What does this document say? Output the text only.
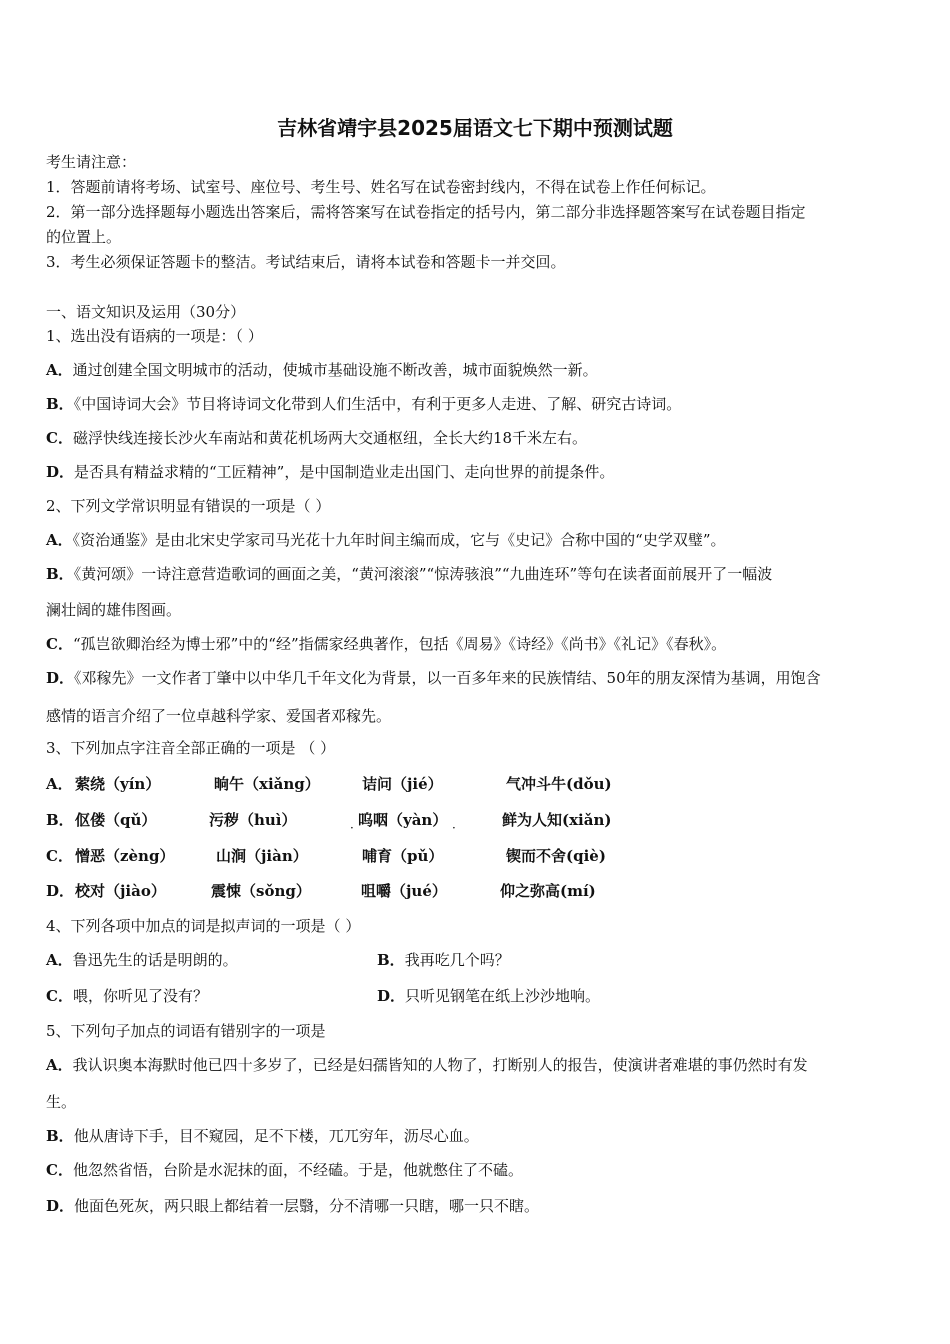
吉林省靖宇县2025届语文七下期中预测试题
考生请注意：
1．答题前请将考场、试室号、座位号、考生号、姓名写在试卷密封线内，不得在试卷上作任何标记。
2．第一部分选择题每小题选出答案后，需将答案写在试卷指定的括号内，第二部分非选择题答案写在试卷题目指定
的位置上。
3．考生必须保证答题卡的整洁。考试结束后，请将本试卷和答题卡一并交回。
一、语文知识及运用（30分）
1、选出没有语病的一项是：（ ）
A．通过创建全国文明城市的活动，使城市基础设施不断改善，城市面貌焕然一新。
B．《中国诗词大会》节目将诗词文化带到人们生活中，有利于更多人走进、了解、研究古诗词。
C．磁浮快线连接长沙火车南站和黄花机场两大交通枢纽，全长大约18千米左右。
D．是否具有精益求精的“工匠精神”，是中国制造业走出国门、走向世界的前提条件。
2、下列文学常识明显有错误的一项是（ ）
A．《资治通鉴》是由北宋史学家司马光花十九年时间主编而成，它与《史记》合称中国的“史学双璧”。
B．《黄河颂》一诗注意营造歌词的画面之美，“黄河滚滚”“惊涛骇浪”“九曲连环”等句在读者面前展开了一幅波
澜壮阔的雄伟图画。
C．“孤岂欲卿治经为博士邪”中的“经”指儒家经典著作，包括《周易》《诗经》《尚书》《礼记》《春秋》。
D．《邓稼先》一文作者丁肇中以中华几千年文化为背景，以一百多年来的民族情结、50年的朋友深情为基调，用饱含
感情的语言介绍了一位卓越科学家、爱国者邓稼先。
3、下列加点字注音全部正确的一项是 （ ）
A． 萦绕（yín）	晌午（xiǎng）	诘问（jié）	气冲斗牛(dǒu)
B． 伛偻（qǔ）	污秽（huì）	呜咽（yàn）	鲜为人知(xiǎn)
·	·
C． 憎恶（zèng）	山涧（jiàn）	哺育（pǔ）	锲而不舍(qiè)
D． 校对（jiào）	震悚（sǒng）	咀嚼（jué）	仰之弥高(mí)
4、下列各项中加点的词是拟声词的一项是（ ）
A．鲁迅先生的话是明朗的。	B．我再吃几个吗？
C．喂，你听见了没有？	D．只听见钢笔在纸上沙沙地响。
5、下列句子加点的词语有错别字的一项是
A．我认识奥本海默时他已四十多岁了，已经是妇孺皆知的人物了，打断别人的报告，使演讲者难堪的事仍然时有发
生。
B．他从唐诗下手，目不窥园，足不下楼，兀兀穷年，沥尽心血。
C．他忽然省悟，台阶是水泥抹的面，不经磕。于是，他就憋住了不磕。
D．他面色死灰，两只眼上都结着一层翳，分不清哪一只瞎，哪一只不瞎。
